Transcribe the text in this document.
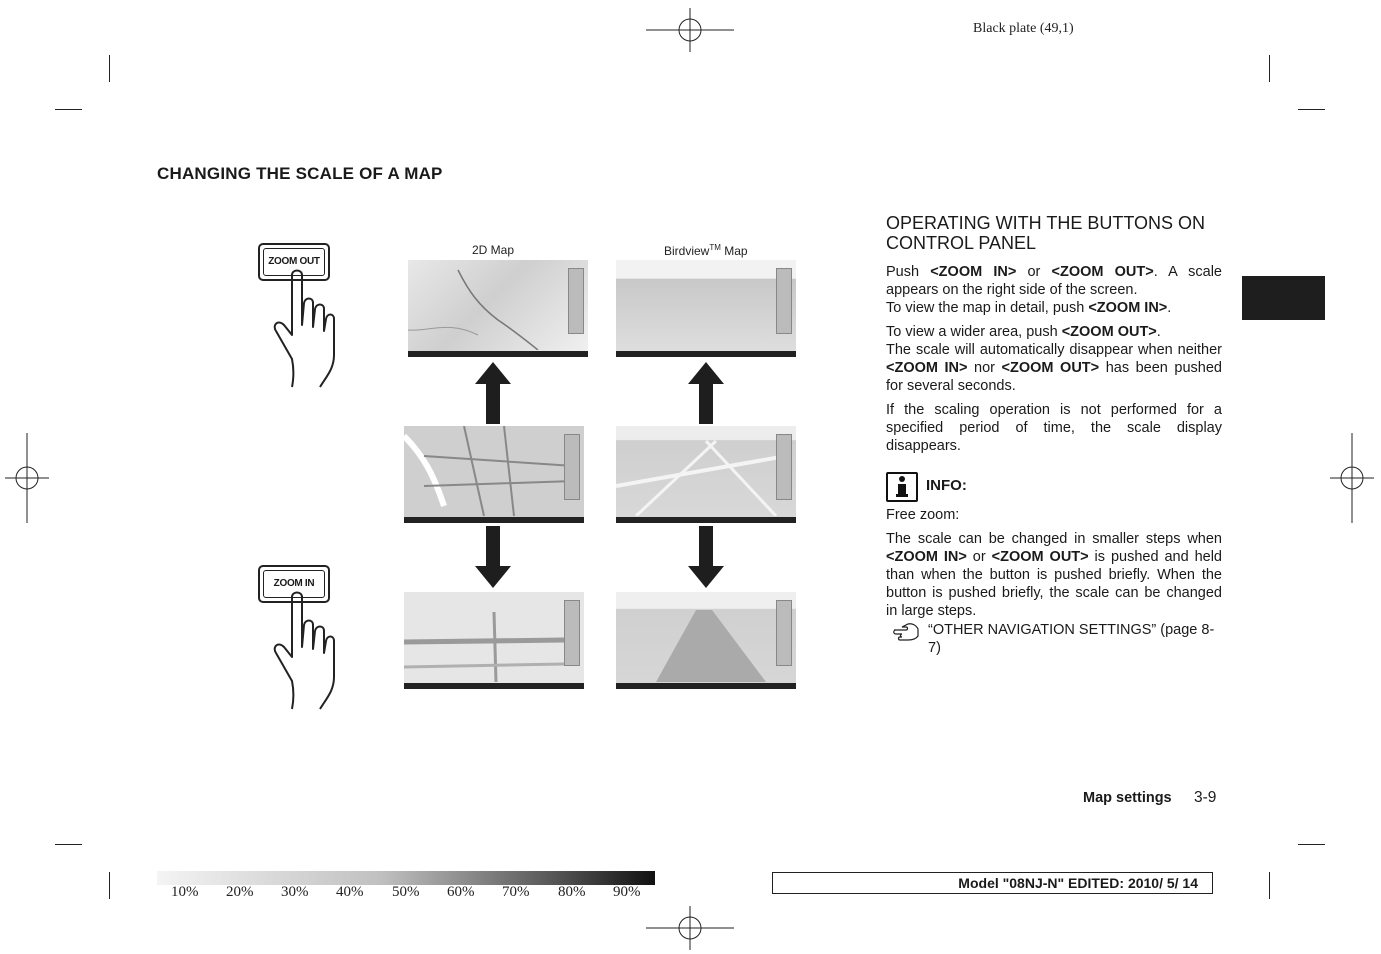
Black plate (49,1)
CHANGING THE SCALE OF A MAP
ZOOM OUT
ZOOM IN
2D Map	Birdview™ Map
OPERATING WITH THE BUTTONS ON CONTROL PANEL

Push <ZOOM IN> or <ZOOM OUT>. A scale appears on the right side of the screen.

To view the map in detail, push <ZOOM IN>.

To view a wider area, push <ZOOM OUT>.

The scale will automatically disappear when neither <ZOOM IN> nor <ZOOM OUT> has been pushed for several seconds.

If the scaling operation is not performed for a specified period of time, the scale display disappears.

INFO:

Free zoom:

The scale can be changed in smaller steps when <ZOOM IN> or <ZOOM OUT> is pushed and held than when the button is pushed briefly. When the button is pushed briefly, the scale can be changed in large steps.

“OTHER NAVIGATION SETTINGS” (page 8-7)
Map settings 3-9
10% 20% 30% 40% 50% 60% 70% 80% 90%
Model "08NJ-N" EDITED: 2010/ 5/ 14
